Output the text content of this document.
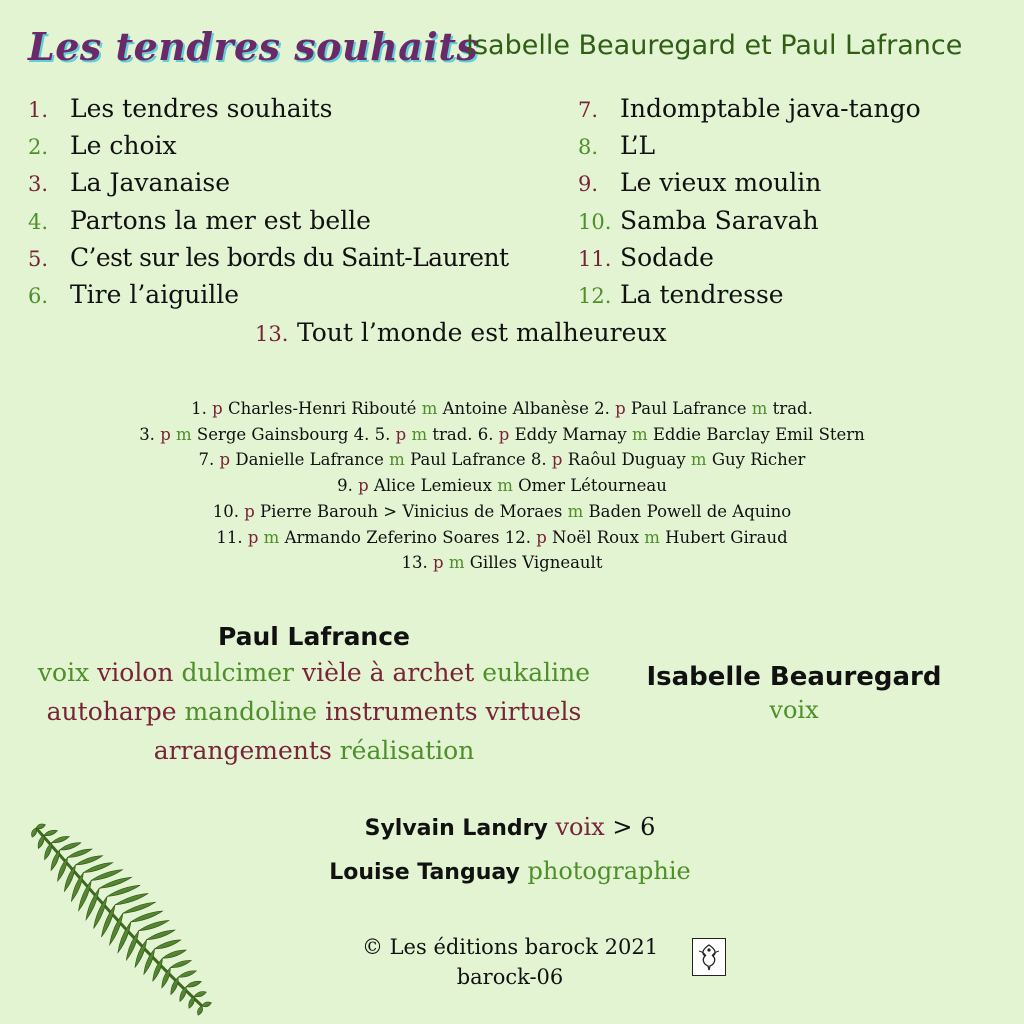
Les tendres souhaits
Isabelle Beauregard et Paul Lafrance
1. Les tendres souhaits
2. Le choix
3. La Javanaise
4. Partons la mer est belle
5. C’est sur les bords du Saint-Laurent
6. Tire l’aiguille
7. Indomptable java-tango
8. L’L
9. Le vieux moulin
10. Samba Saravah
11. Sodade
12. La tendresse
13. Tout l’monde est malheureux
1. p Charles-Henri Ribouté m Antoine Albanèse 2. p Paul Lafrance m trad.
3. p m Serge Gainsbourg 4. 5. p m trad. 6. p Eddy Marnay m Eddie Barclay Emil Stern
7. p Danielle Lafrance m Paul Lafrance 8. p Raôul Duguay m Guy Richer
9. p Alice Lemieux m Omer Létourneau
10. p Pierre Barouh > Vinicius de Moraes m Baden Powell de Aquino
11. p m Armando Zeferino Soares 12. p Noël Roux m Hubert Giraud
13. p m Gilles Vigneault
Paul Lafrance
voix violon dulcimer vièle à archet eukaline
autoharpe mandoline instruments virtuels
arrangements réalisation
Isabelle Beauregard
voix
Sylvain Landry voix > 6
Louise Tanguay photographie
© Les éditions barock 2021
barock-06
